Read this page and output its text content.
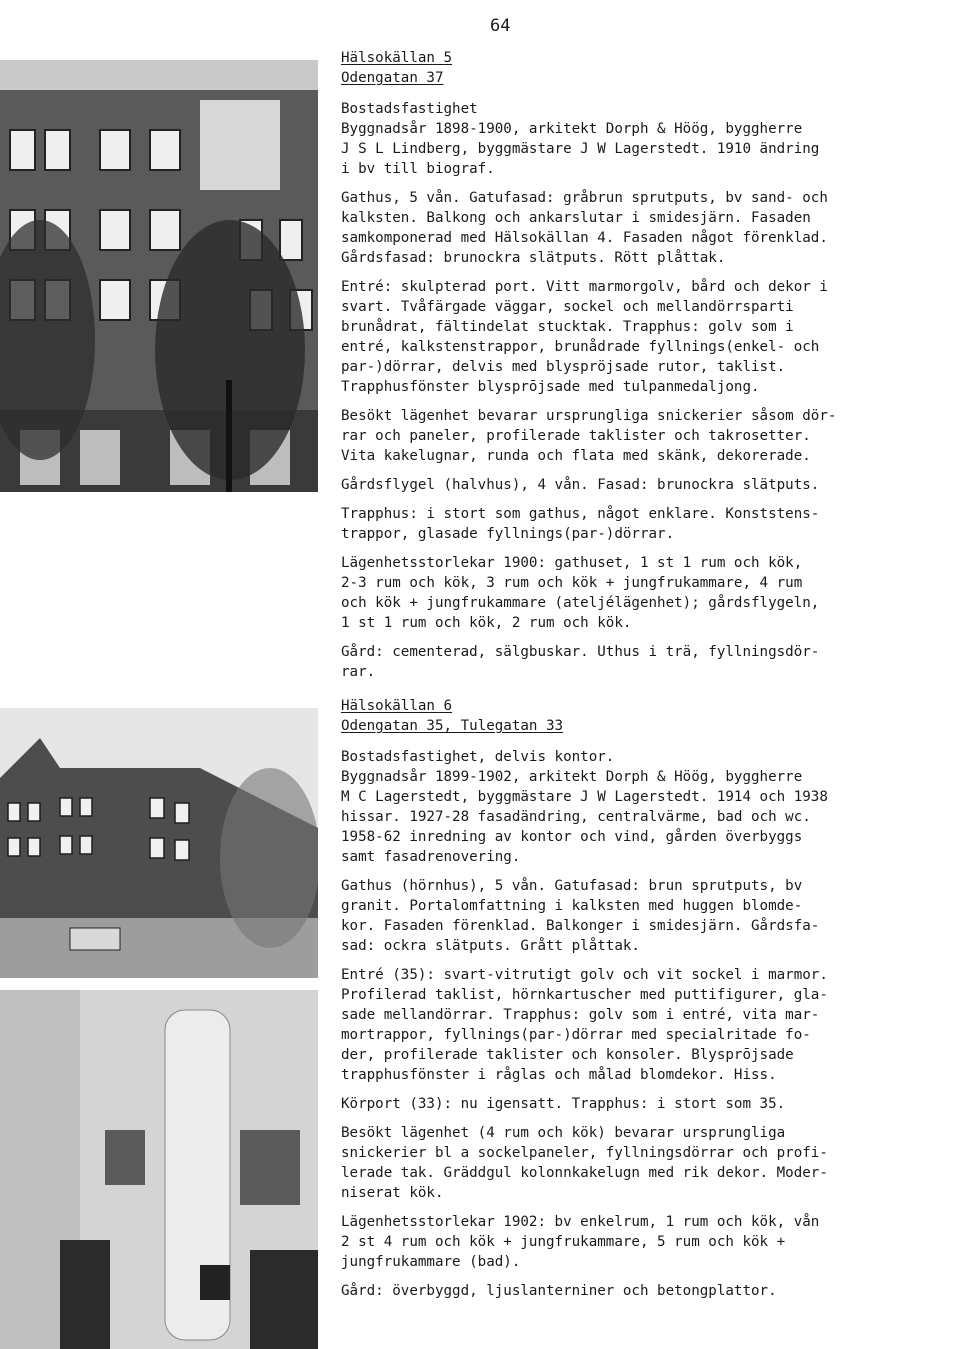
64
Hälsokällan 5
Odengatan 37
Bostadsfastighet
Byggnadsår 1898-1900, arkitekt Dorph & Höög, byggherre
J S L Lindberg, byggmästare J W Lagerstedt. 1910 ändring
i bv till biograf.
Gathus, 5 vån. Gatufasad: gråbrun sprutputs, bv sand- och
kalksten. Balkong och ankarslutar i smidesjärn. Fasaden
samkomponerad med Hälsokällan 4. Fasaden något förenklad.
Gårdsfasad: brunockra slätputs. Rött plåttak.
Entré: skulpterad port. Vitt marmorgolv, bård och dekor i
svart. Tvåfärgade väggar, sockel och mellandörrsparti
brunådrat, fältindelat stucktak. Trapphus: golv som i
entré, kalkstenstrappor, brunådrade fyllnings(enkel- och
par-)dörrar, delvis med blyspröjsade rutor, taklist.
Trapphusfönster blysprōjsade med tulpanmedaljong.
Besökt lägenhet bevarar ursprungliga snickerier såsom dör-
rar och paneler, profilerade taklister och takrosetter.
Vita kakelugnar, runda och flata med skänk, dekorerade.
Gårdsflygel (halvhus), 4 vån. Fasad: brunockra slätputs.
Trapphus: i stort som gathus, något enklare. Konststens-
trappor, glasade fyllnings(par-)dörrar.
Lägenhetsstorlekar 1900: gathuset, 1 st 1 rum och kök,
2-3 rum och kök, 3 rum och kök + jungfrukammare, 4 rum
och kök + jungfrukammare (ateljélägenhet); gårdsflygeln,
1 st 1 rum och kök, 2 rum och kök.
Gård: cementerad, sälgbuskar. Uthus i trä, fyllningsdör-
rar.
Hälsokällan 6
Odengatan 35, Tulegatan 33
Bostadsfastighet, delvis kontor.
Byggnadsår 1899-1902, arkitekt Dorph & Höög, byggherre
M C Lagerstedt, byggmästare J W Lagerstedt. 1914 och 1938
hissar. 1927-28 fasadändring, centralvärme, bad och wc.
1958-62 inredning av kontor och vind, gården överbyggs
samt fasadrenovering.
Gathus (hörnhus), 5 vån. Gatufasad: brun sprutputs, bv
granit. Portalomfattning i kalksten med huggen blomde-
kor. Fasaden förenklad. Balkonger i smidesjärn. Gårdsfa-
sad: ockra slätputs. Grått plåttak.
Entré (35): svart-vitrutigt golv och vit sockel i marmor.
Profilerad taklist, hörnkartuscher med puttifigurer, gla-
sade mellandörrar. Trapphus: golv som i entré, vita mar-
mortrappor, fyllnings(par-)dörrar med specialritade fo-
der, profilerade taklister och konsoler. Blysprōjsade
trapphusfönster i råglas och målad blomdekor. Hiss.
Körport (33): nu igensatt. Trapphus: i stort som 35.
Besökt lägenhet (4 rum och kök) bevarar ursprungliga
snickerier bl a sockelpaneler, fyllningsdörrar och profi-
lerade tak. Gräddgul kolonnkakelugn med rik dekor. Moder-
niserat kök.
Lägenhetsstorlekar 1902: bv enkelrum, 1 rum och kök, vån
2 st 4 rum och kök + jungfrukammare, 5 rum och kök +
jungfrukammare (bad).
Gård: överbyggd, ljuslanterniner och betongplattor.
